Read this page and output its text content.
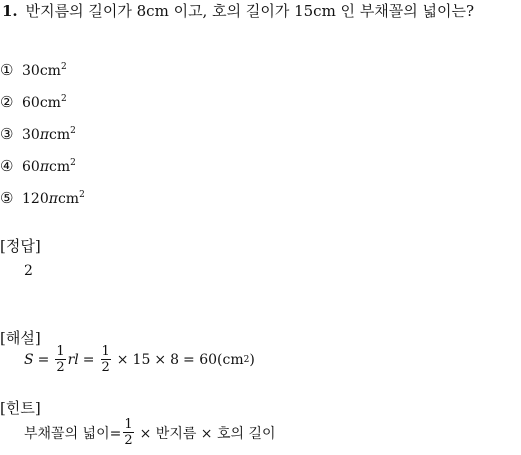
1. 반지름의 길이가 8cm 이고, 호의 길이가 15cm 인 부채꼴의 넓이는?
① $30cm^2$
② $60cm^2$
③ 30πcm$^2$
④ 60πcm$^2$
⑤ 120πcm$^2$
[정답]
2
[해설]
$S = \frac{1}{2}$ rl = $\frac{1}{2} \times 15 \times 8 = 60(cm$ 2 )
[힌트]
부채꼴의 넓이= $\frac{1}{2}$ × 반지름 × 호의 길이
